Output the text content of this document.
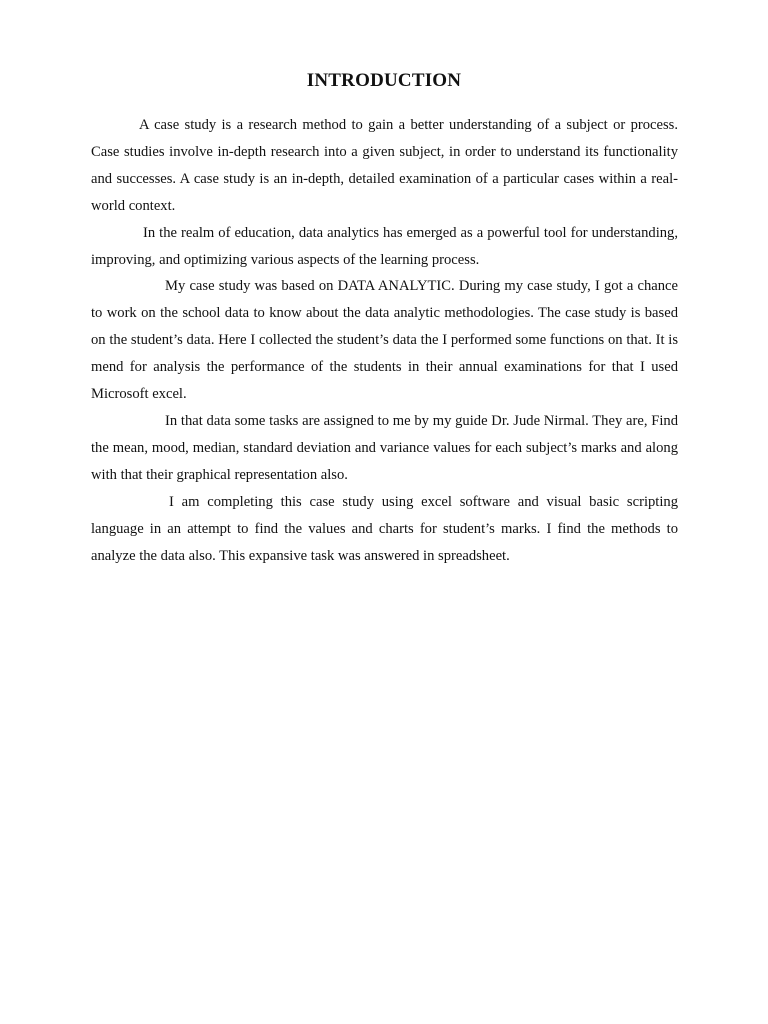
INTRODUCTION

A case study is a research method to gain a better understanding of a subject or process. Case studies involve in-depth research into a given subject, in order to understand its functionality and successes. A case study is an in-depth, detailed examination of a particular cases within a real-world context.

In the realm of education, data analytics has emerged as a powerful tool for understanding, improving, and optimizing various aspects of the learning process.

My case study was based on DATA ANALYTIC. During my case study, I got a chance to work on the school data to know about the data analytic methodologies. The case study is based on the student’s data. Here I collected the student’s data the I performed some functions on that. It is mend for analysis the performance of the students in their annual examinations for that I used Microsoft excel.

In that data some tasks are assigned to me by my guide Dr. Jude Nirmal. They are, Find the mean, mood, median, standard deviation and variance values for each subject’s marks and along with that their graphical representation also.

I am completing this case study using excel software and visual basic scripting language in an attempt to find the values and charts for student’s marks. I find the methods to analyze the data also. This expansive task was answered in spreadsheet.
